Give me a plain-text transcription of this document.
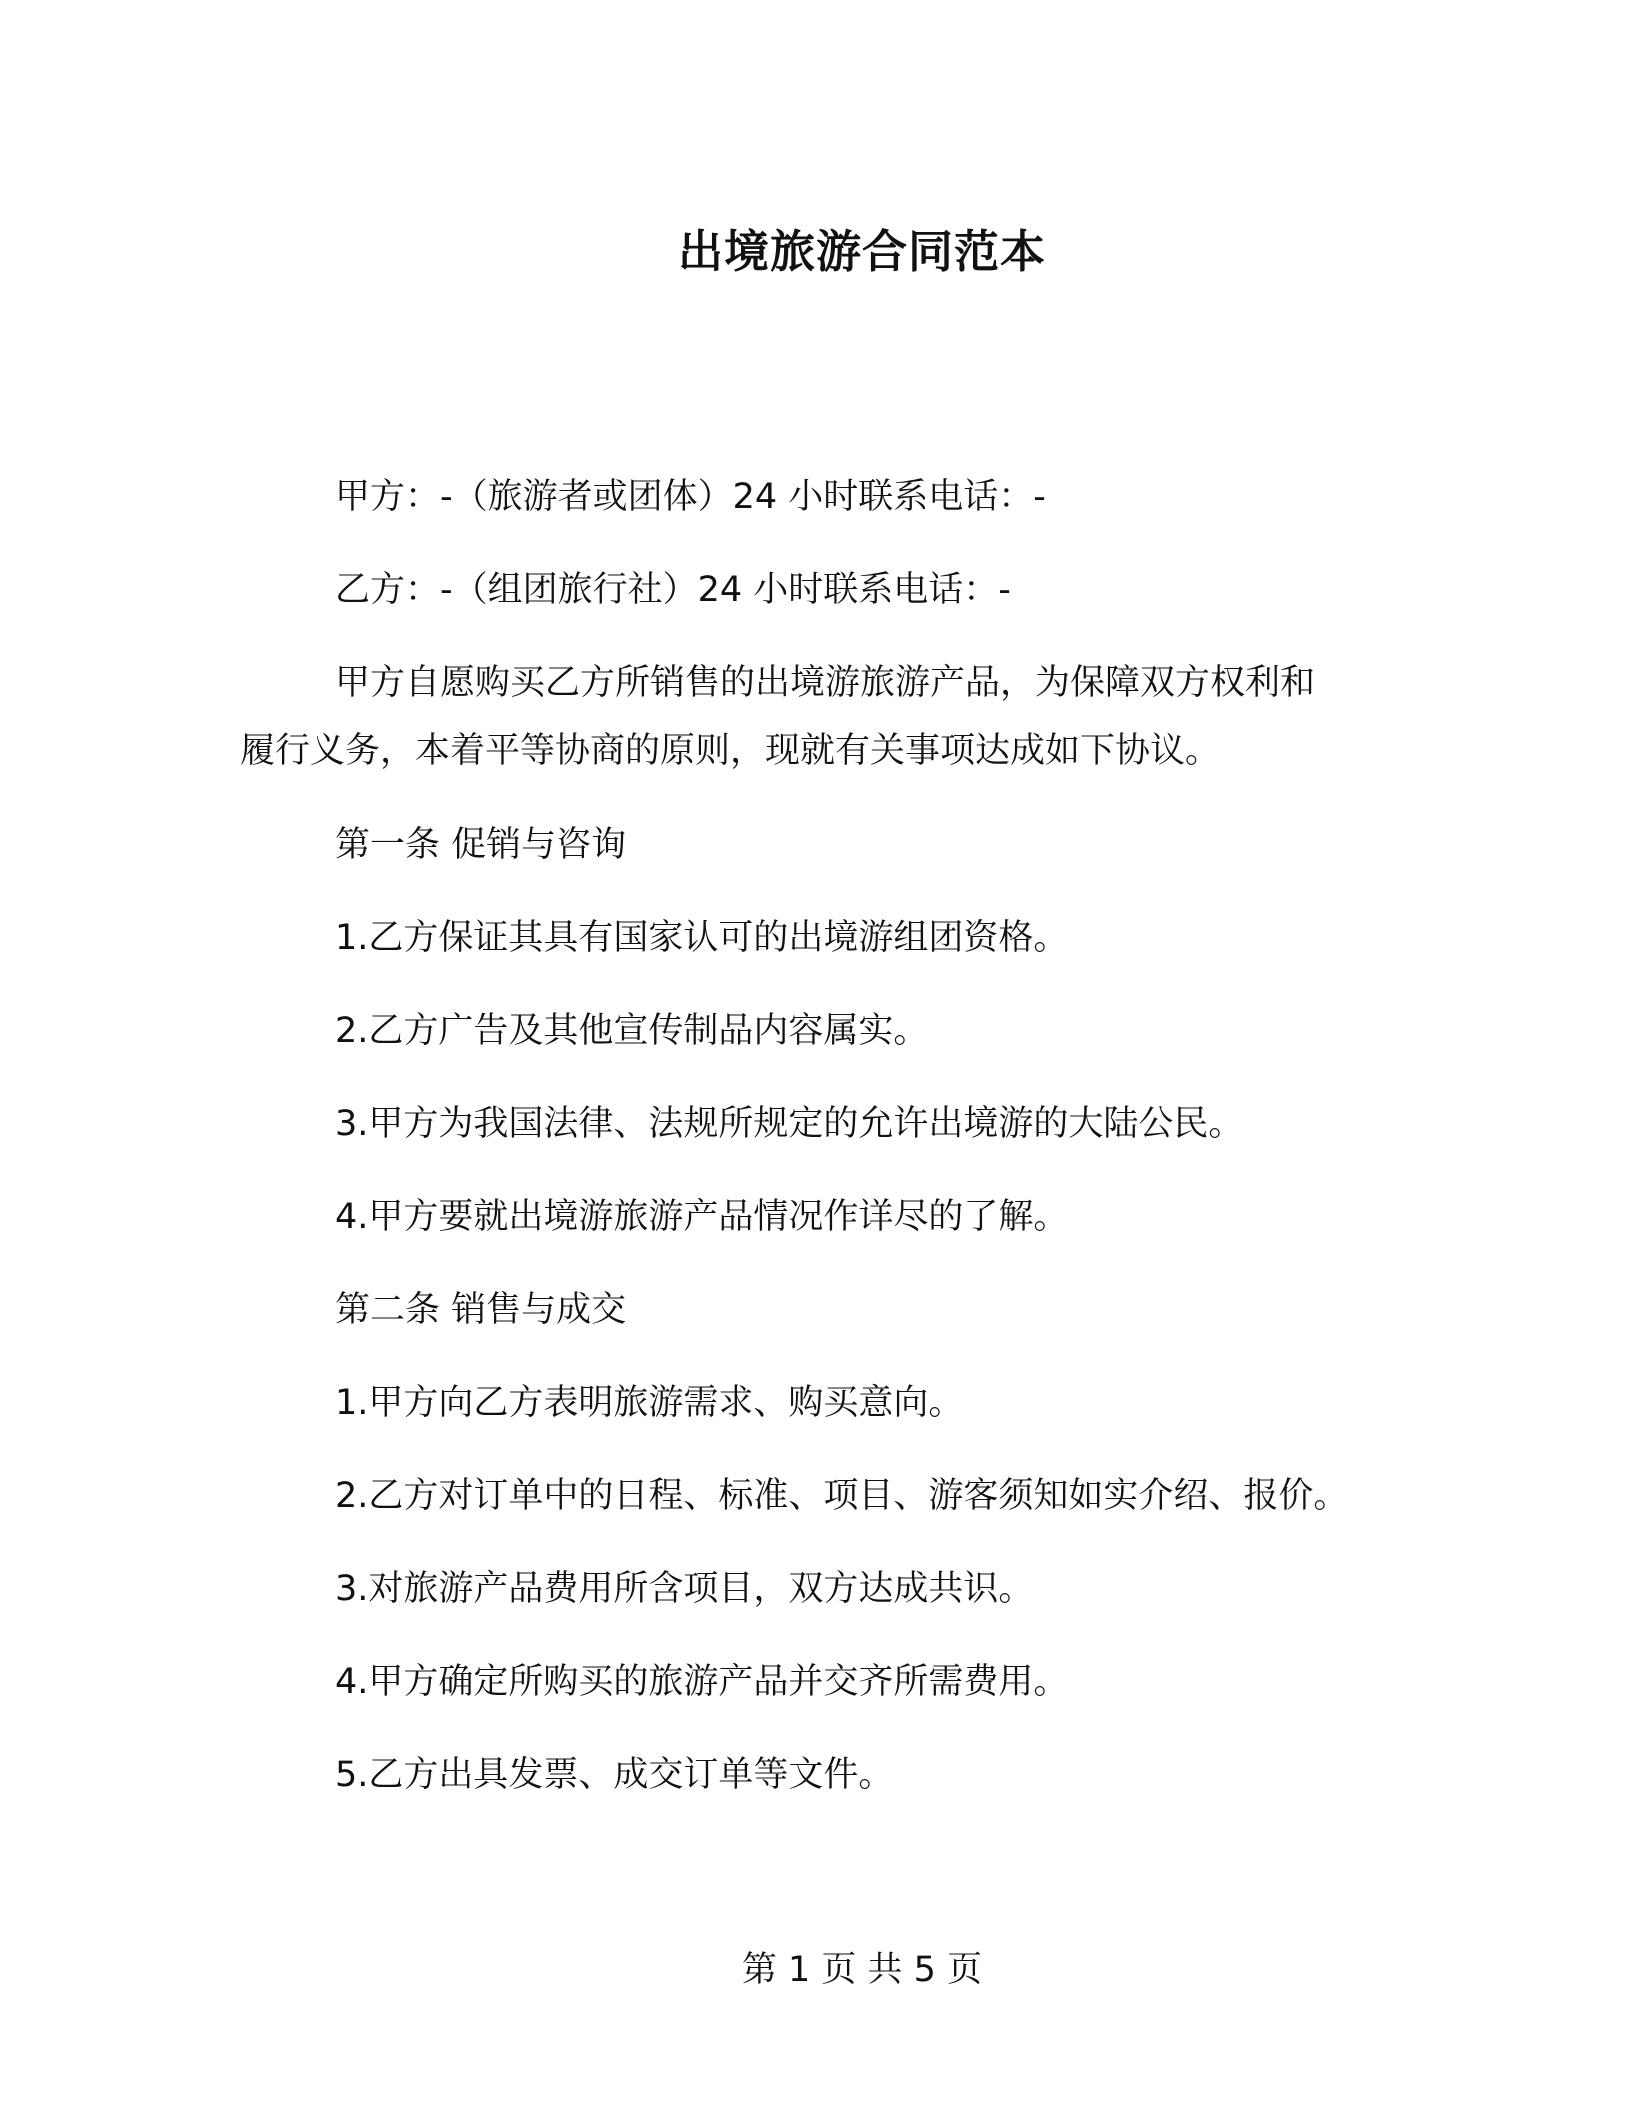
出境旅游合同范本
甲方：-（旅游者或团体）24 小时联系电话：-
乙方：-（组团旅行社）24 小时联系电话：-
甲方自愿购买乙方所销售的出境游旅游产品，为保障双方权利和
履行义务，本着平等协商的原则，现就有关事项达成如下协议。
第一条 促销与咨询
1.乙方保证其具有国家认可的出境游组团资格。
2.乙方广告及其他宣传制品内容属实。
3.甲方为我国法律、法规所规定的允许出境游的大陆公民。
4.甲方要就出境游旅游产品情况作详尽的了解。
第二条 销售与成交
1.甲方向乙方表明旅游需求、购买意向。
2.乙方对订单中的日程、标准、项目、游客须知如实介绍、报价。
3.对旅游产品费用所含项目，双方达成共识。
4.甲方确定所购买的旅游产品并交齐所需费用。
5.乙方出具发票、成交订单等文件。
第 1 页 共 5 页
